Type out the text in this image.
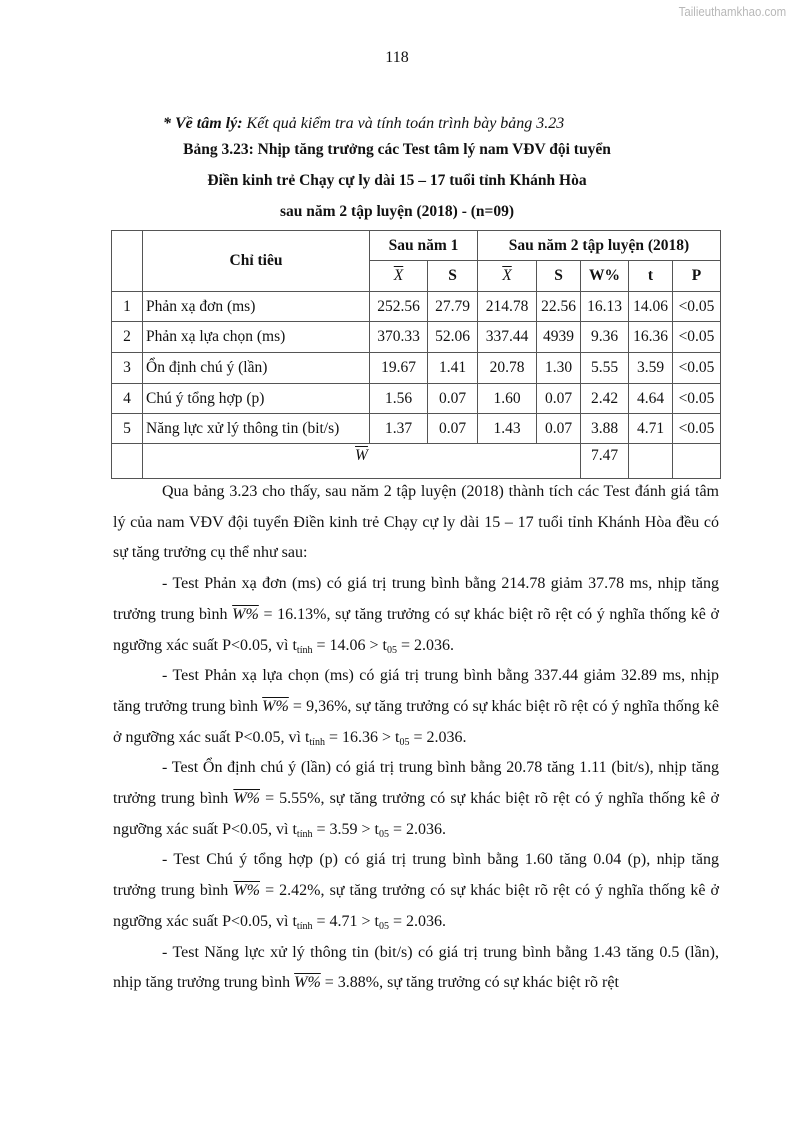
Tailieuthamkhao.com
118
* Về tâm lý: Kết quả kiểm tra và tính toán trình bày bảng 3.23
Bảng 3.23: Nhịp tăng trưởng các Test tâm lý nam VĐV đội tuyển
Điền kinh trẻ Chạy cự ly dài 15 – 17 tuổi tỉnh Khánh Hòa
sau năm 2 tập luyện (2018) - (n=09)
	Chỉ tiêu	Sau năm 1		Sau năm 2 tập luyện (2018)				
		$\overline{X}$	S	$\overline{X}$	S	W%	t	P
1	Phản xạ đơn (ms)	252.56	27.79	214.78	22.56	16.13	14.06	<0.05
2	Phản xạ lựa chọn (ms)	370.33	52.06	337.44	4939	9.36	16.36	<0.05
3	Ổn định chú ý (lần)	19.67	1.41	20.78	1.30	5.55	3.59	<0.05
4	Chú ý tổng hợp (p)	1.56	0.07	1.60	0.07	2.42	4.64	<0.05
5	Năng lực xử lý thông tin (bit/s)	1.37	0.07	1.43	0.07	3.88	4.71	<0.05
	$\overline{W}$					7.47		

Qua bảng 3.23 cho thấy, sau năm 2 tập luyện (2018) thành tích các Test đánh giá tâm lý của nam VĐV đội tuyển Điền kinh trẻ Chạy cự ly dài 15 – 17 tuổi tỉnh Khánh Hòa đều có sự tăng trưởng cụ thể như sau:

- Test Phản xạ đơn (ms) có giá trị trung bình bằng 214.78 giảm 37.78 ms, nhịp tăng trưởng trung bình W% = 16.13%, sự tăng trưởng có sự khác biệt rõ rệt có ý nghĩa thống kê ở ngưỡng xác suất P<0.05, vì $t_{tính} = 14.06 > t_{05} = 2.036$.

- Test Phản xạ lựa chọn (ms) có giá trị trung bình bằng 337.44 giảm 32.89 ms, nhịp tăng trưởng trung bình W% = 9,36%, sự tăng trưởng có sự khác biệt rõ rệt có ý nghĩa thống kê ở ngưỡng xác suất P<0.05, vì $t_{tính} = 16.36 > t_{05} = 2.036$.

- Test Ổn định chú ý (lần) có giá trị trung bình bằng 20.78 tăng 1.11 (bit/s), nhịp tăng trưởng trung bình W% = 5.55%, sự tăng trưởng có sự khác biệt rõ rệt có ý nghĩa thống kê ở ngưỡng xác suất P<0.05, vì $t_{tính} = 3.59 > t_{05} = 2.036$.

- Test Chú ý tổng hợp (p) có giá trị trung bình bằng 1.60 tăng 0.04 (p), nhịp tăng trưởng trung bình W% = 2.42%, sự tăng trưởng có sự khác biệt rõ rệt có ý nghĩa thống kê ở ngưỡng xác suất P<0.05, vì $t_{tính} = 4.71 > t_{05} = 2.036$.

- Test Năng lực xử lý thông tin (bit/s) có giá trị trung bình bằng 1.43 tăng 0.5 (lần), nhịp tăng trưởng trung bình W% = 3.88%, sự tăng trưởng có sự khác biệt rõ rệt
